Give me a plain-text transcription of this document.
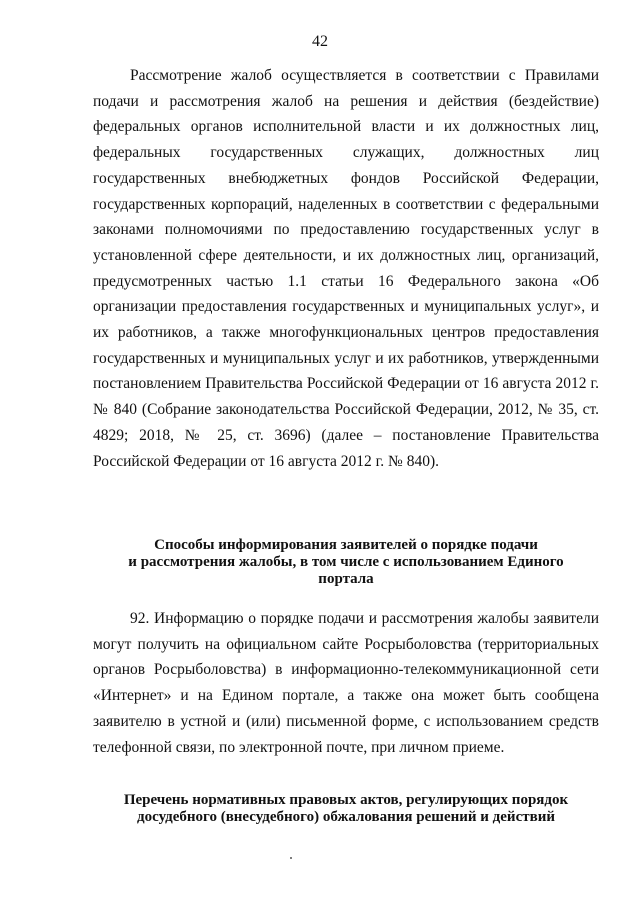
42

Рассмотрение жалоб осуществляется в соответствии с Правилами подачи и рассмотрения жалоб на решения и действия (бездействие) федеральных органов исполнительной власти и их должностных лиц, федеральных государственных служащих, должностных лиц государственных внебюджетных фондов Российской Федерации, государственных корпораций, наделенных в соответствии с федеральными законами полномочиями по предоставлению государственных услуг в установленной сфере деятельности, и их должностных лиц, организаций, предусмотренных частью 1.1 статьи 16 Федерального закона «Об организации предоставления государственных и муниципальных услуг», и их работников, а также многофункциональных центров предоставления государственных и муниципальных услуг и их работников, утвержденными постановлением Правительства Российской Федерации от 16 августа 2012 г. № 840 (Собрание законодательства Российской Федерации, 2012, № 35, ст. 4829; 2018, № 25, ст. 3696) (далее – постановление Правительства Российской Федерации от 16 августа 2012 г. № 840).

Способы информирования заявителей о порядке подачи
и рассмотрения жалобы, в том числе с использованием Единого
портала

92. Информацию о порядке подачи и рассмотрения жалобы заявители могут получить на официальном сайте Росрыболовства (территориальных органов Росрыболовства) в информационно-телекоммуникационной сети «Интернет» и на Едином портале, а также она может быть сообщена заявителю в устной и (или) письменной форме, с использованием средств телефонной связи, по электронной почте, при личном приеме.

Перечень нормативных правовых актов, регулирующих порядок
досудебного (внесудебного) обжалования решений и действий
